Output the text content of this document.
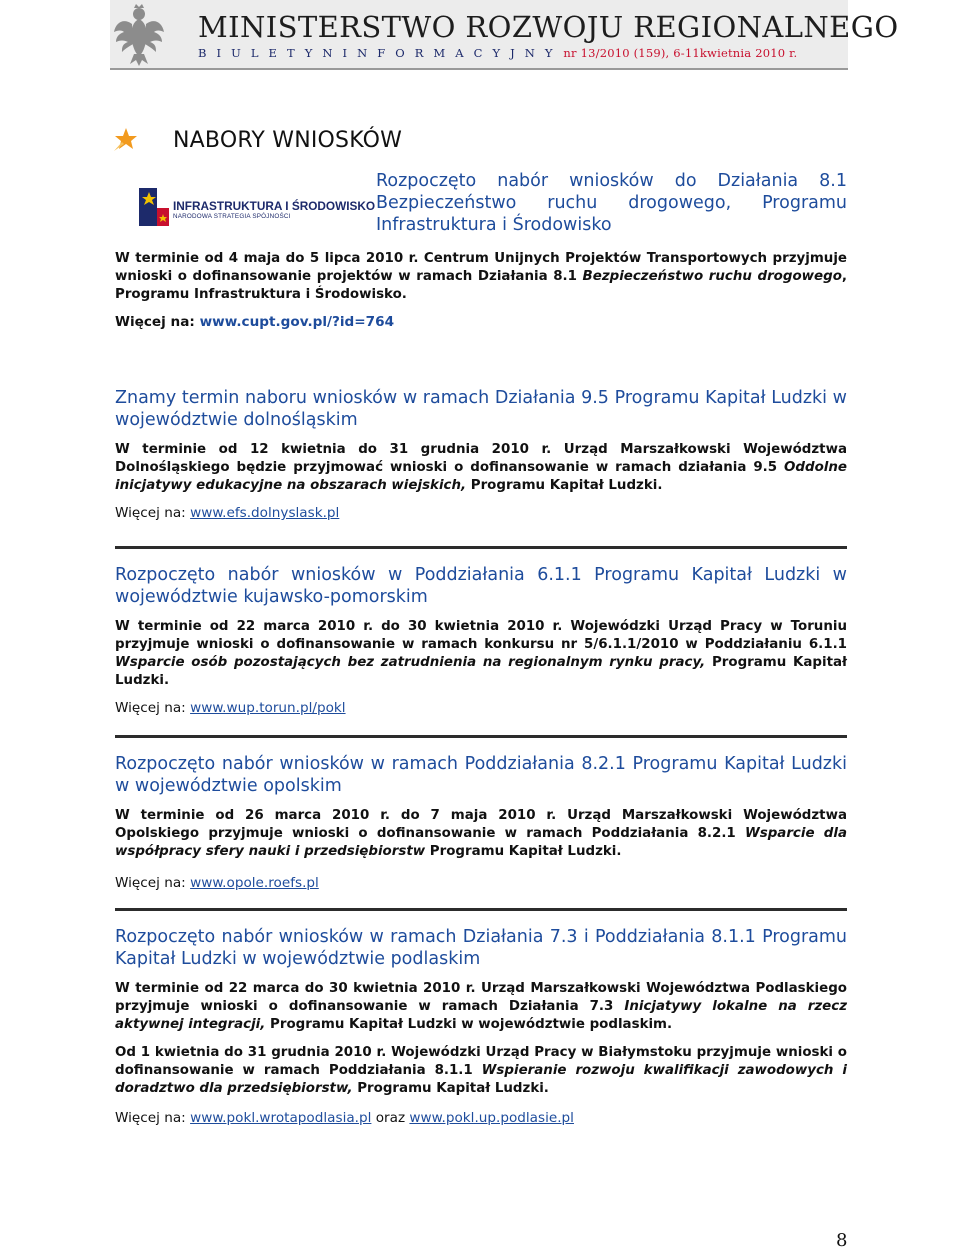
MINISTERSTWO ROZWOJU REGIONALNEGO
B I U L E T Y N I N F O R M A C Y J N Y nr 13/2010 (159), 6-11kwietnia 2010 r.
NABORY WNIOSKÓW
INFRASTRUKTURA I ŚRODOWISKO
NARODOWA STRATEGIA SPÓJNOŚCI

Rozpoczęto nabór wniosków do Działania 8.1 Bezpieczeństwo ruchu drogowego, Programu Infrastruktura i Środowisko

W terminie od 4 maja do 5 lipca 2010 r. Centrum Unijnych Projektów Transportowych przyjmuje wnioski o dofinansowanie projektów w ramach Działania 8.1 Bezpieczeństwo ruchu drogowego, Programu Infrastruktura i Środowisko.

Więcej na: www.cupt.gov.pl/?id=764

Znamy termin naboru wniosków w ramach Działania 9.5 Programu Kapitał Ludzki w województwie dolnośląskim

W terminie od 12 kwietnia do 31 grudnia 2010 r. Urząd Marszałkowski Województwa Dolnośląskiego będzie przyjmować wnioski o dofinansowanie w ramach działania 9.5 Oddolne inicjatywy edukacyjne na obszarach wiejskich, Programu Kapitał Ludzki.

Więcej na: www.efs.dolnyslask.pl

Rozpoczęto nabór wniosków w Poddziałania 6.1.1 Programu Kapitał Ludzki w województwie kujawsko-pomorskim

W terminie od 22 marca 2010 r. do 30 kwietnia 2010 r. Wojewódzki Urząd Pracy w Toruniu przyjmuje wnioski o dofinansowanie w ramach konkursu nr 5/6.1.1/2010 w Poddziałaniu 6.1.1 Wsparcie osób pozostających bez zatrudnienia na regionalnym rynku pracy, Programu Kapitał Ludzki.

Więcej na: www.wup.torun.pl/pokl

Rozpoczęto nabór wniosków w ramach Poddziałania 8.2.1 Programu Kapitał Ludzki w województwie opolskim

W terminie od 26 marca 2010 r. do 7 maja 2010 r. Urząd Marszałkowski Województwa Opolskiego przyjmuje wnioski o dofinansowanie w ramach Poddziałania 8.2.1 Wsparcie dla współpracy sfery nauki i przedsiębiorstw Programu Kapitał Ludzki.

Więcej na: www.opole.roefs.pl

Rozpoczęto nabór wniosków w ramach Działania 7.3 i Poddziałania 8.1.1 Programu Kapitał Ludzki w województwie podlaskim

W terminie od 22 marca do 30 kwietnia 2010 r. Urząd Marszałkowski Województwa Podlaskiego przyjmuje wnioski o dofinansowanie w ramach Działania 7.3 Inicjatywy lokalne na rzecz aktywnej integracji, Programu Kapitał Ludzki w województwie podlaskim.

Od 1 kwietnia do 31 grudnia 2010 r. Wojewódzki Urząd Pracy w Białymstoku przyjmuje wnioski o dofinansowanie w ramach Poddziałania 8.1.1 Wspieranie rozwoju kwalifikacji zawodowych i doradztwo dla przedsiębiorstw, Programu Kapitał Ludzki.

Więcej na: www.pokl.wrotapodlasia.pl oraz www.pokl.up.podlasie.pl

8
